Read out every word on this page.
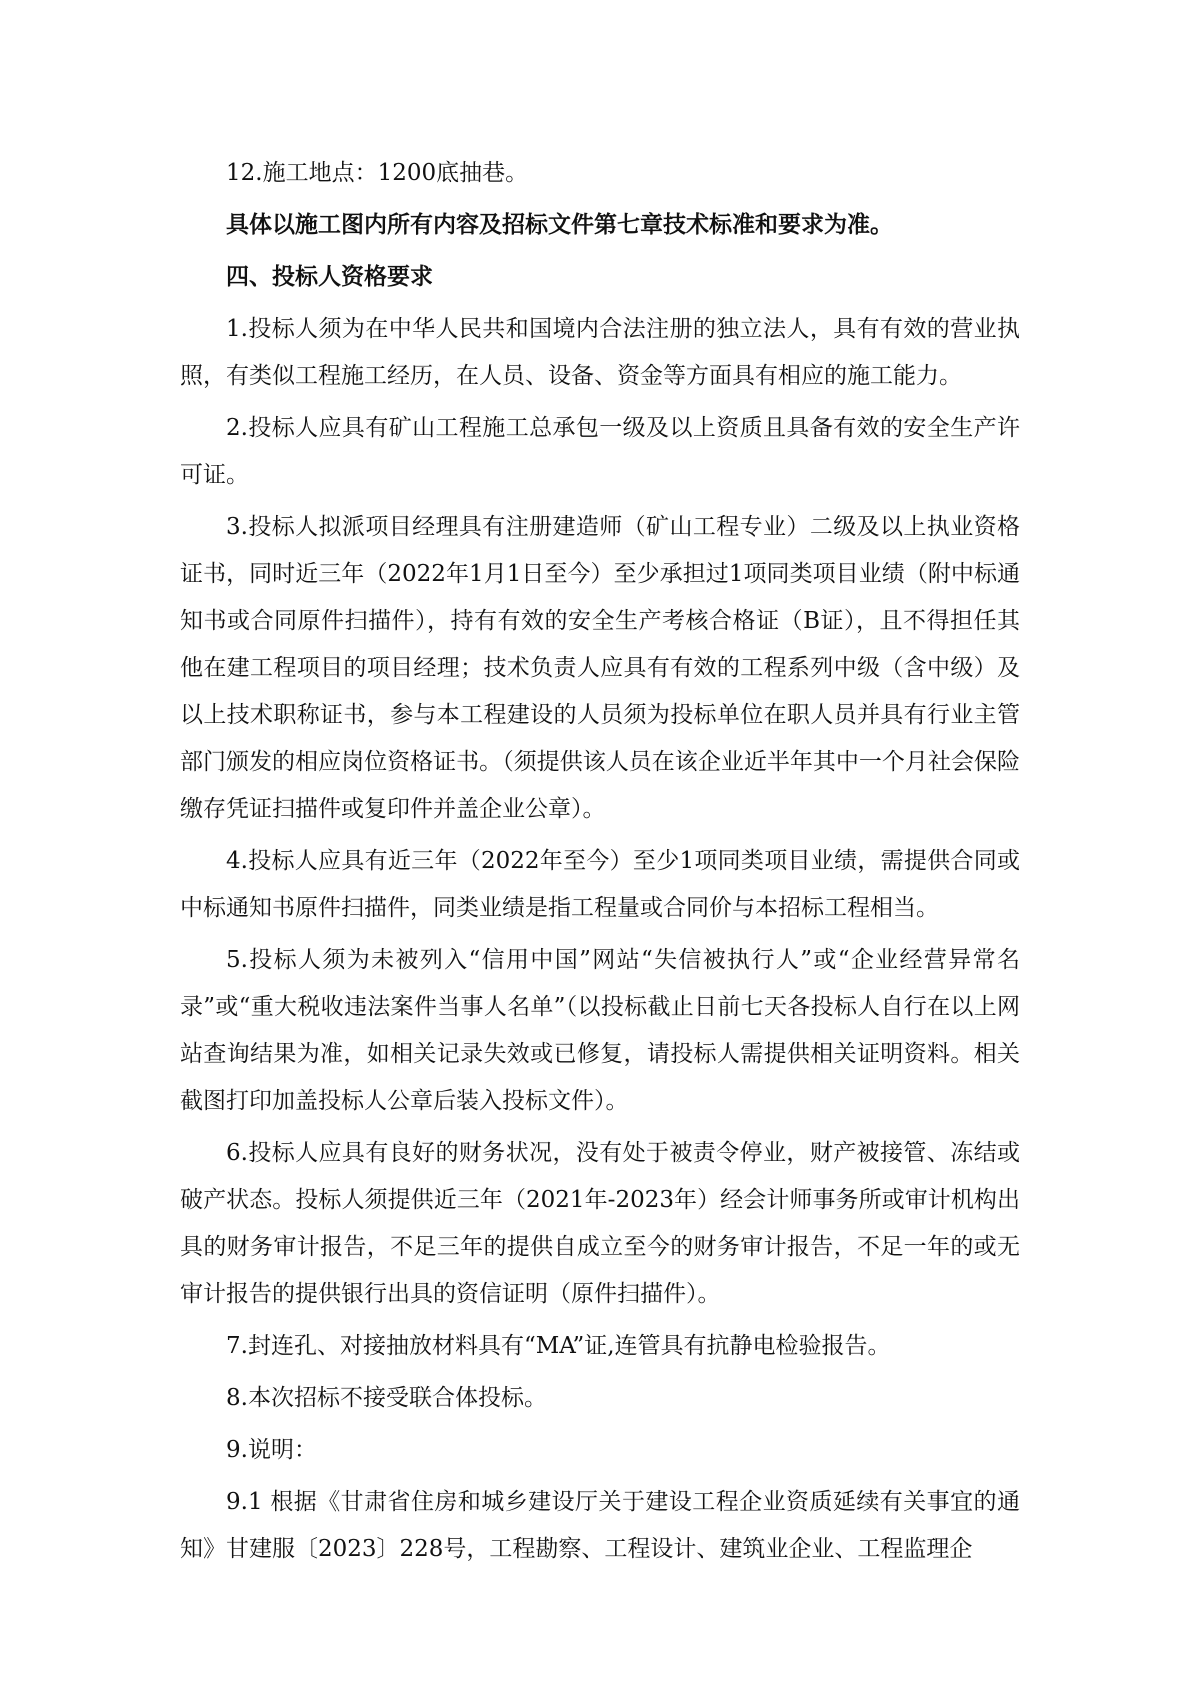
12.施工地点：1200底抽巷。

具体以施工图内所有内容及招标文件第七章技术标准和要求为准。

四、投标人资格要求

1.投标人须为在中华人民共和国境内合法注册的独立法人，具有有效的营业执照，有类似工程施工经历，在人员、设备、资金等方面具有相应的施工能力。

2.投标人应具有矿山工程施工总承包一级及以上资质且具备有效的安全生产许可证。

3.投标人拟派项目经理具有注册建造师（矿山工程专业）二级及以上执业资格证书，同时近三年（2022年1月1日至今）至少承担过1项同类项目业绩（附中标通知书或合同原件扫描件），持有有效的安全生产考核合格证（B证），且不得担任其他在建工程项目的项目经理；技术负责人应具有有效的工程系列中级（含中级）及以上技术职称证书，参与本工程建设的人员须为投标单位在职人员并具有行业主管部门颁发的相应岗位资格证书。（须提供该人员在该企业近半年其中一个月社会保险缴存凭证扫描件或复印件并盖企业公章）。

4.投标人应具有近三年（2022年至今）至少1项同类项目业绩，需提供合同或中标通知书原件扫描件，同类业绩是指工程量或合同价与本招标工程相当。

5.投标人须为未被列入“信用中国”网站“失信被执行人”或“企业经营异常名录”或“重大税收违法案件当事人名单”（以投标截止日前七天各投标人自行在以上网站查询结果为准，如相关记录失效或已修复，请投标人需提供相关证明资料。相关截图打印加盖投标人公章后装入投标文件）。

6.投标人应具有良好的财务状况，没有处于被责令停业，财产被接管、冻结或破产状态。投标人须提供近三年（2021年-2023年）经会计师事务所或审计机构出具的财务审计报告，不足三年的提供自成立至今的财务审计报告，不足一年的或无审计报告的提供银行出具的资信证明（原件扫描件）。

7.封连孔、对接抽放材料具有“MA”证,连管具有抗静电检验报告。

8.本次招标不接受联合体投标。

9.说明：

9.1 根据《甘肃省住房和城乡建设厅关于建设工程企业资质延续有关事宜的通知》甘建服〔2023〕228号，工程勘察、工程设计、建筑业企业、工程监理企
